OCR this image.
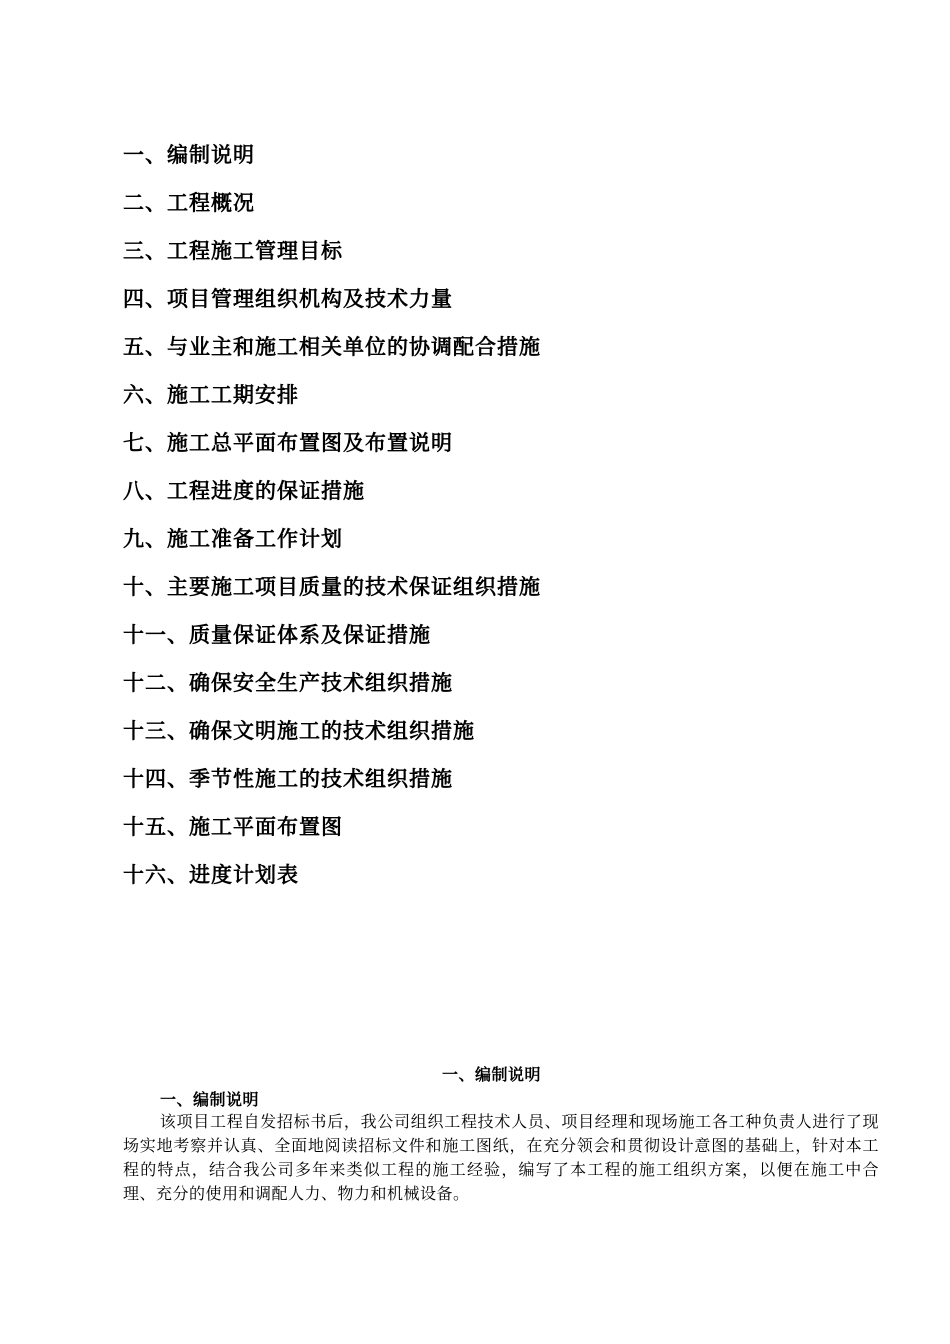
一、编制说明
二、工程概况
三、工程施工管理目标
四、项目管理组织机构及技术力量
五、与业主和施工相关单位的协调配合措施
六、施工工期安排
七、施工总平面布置图及布置说明
八、工程进度的保证措施
九、施工准备工作计划
十、主要施工项目质量的技术保证组织措施
十一、质量保证体系及保证措施
十二、确保安全生产技术组织措施
十三、确保文明施工的技术组织措施
十四、季节性施工的技术组织措施
十五、施工平面布置图
十六、进度计划表
一、编制说明
一、编制说明

该项目工程自发招标书后，我公司组织工程技术人员、项目经理和现场施工各工种负责人进行了现场实地考察并认真、全面地阅读招标文件和施工图纸，在充分领会和贯彻设计意图的基础上，针对本工程的特点，结合我公司多年来类似工程的施工经验，编写了本工程的施工组织方案，以便在施工中合理、充分的使用和调配人力、物力和机械设备。
